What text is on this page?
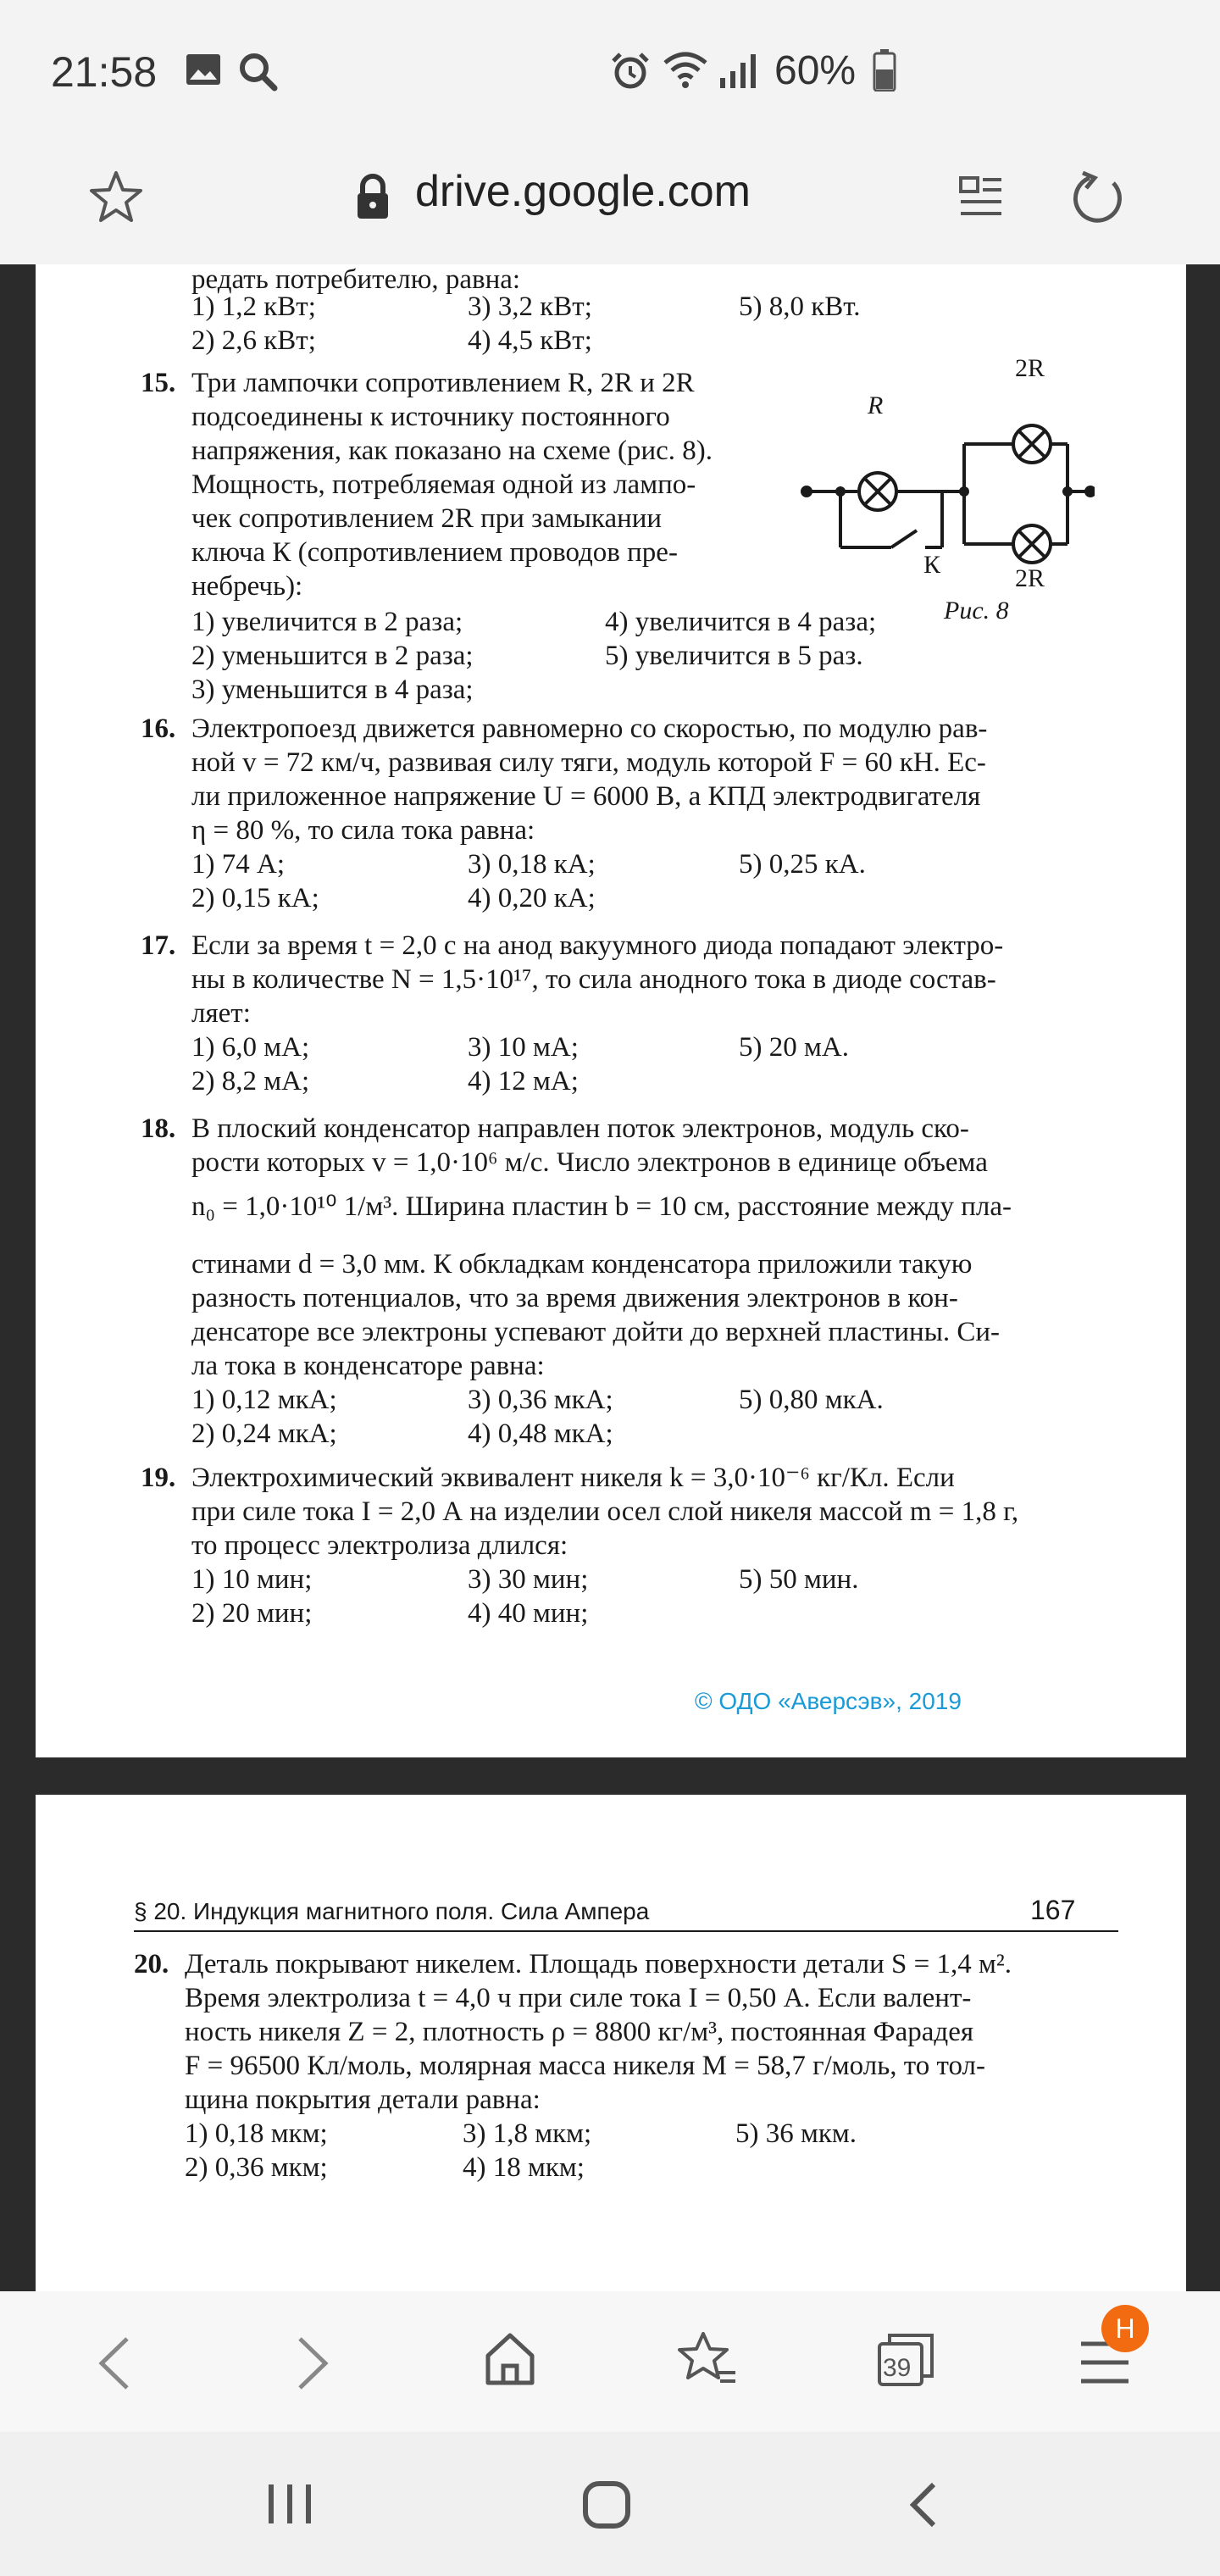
21:58	60%
drive.google.com
редать потребителю, равна:
1) 1,2 кВт;
2) 2,6 кВт;
3) 3,2 кВт;
4) 4,5 кВт;
5) 8,0 кВт.
15. Три лампочки сопротивлением R, 2R и 2R
подсоединены к источнику постоянного
напряжения, как показано на схеме (рис. 8).
Мощность, потребляемая одной из лампо-
чек сопротивлением 2R при замыкании
ключа К (сопротивлением проводов пре-
небречь):
R
2R
2R
К
Рис. 8
1) увеличится в 2 раза;
2) уменьшится в 2 раза;
3) уменьшится в 4 раза;
4) увеличится в 4 раза;
5) увеличится в 5 раз.
16. Электропоезд движется равномерно со скоростью, по модулю рав-
ной v = 72 км/ч, развивая силу тяги, модуль которой F = 60 кН. Ес-
ли приложенное напряжение U = 6000 В, а КПД электродвигателя
η = 80 %, то сила тока равна:
1) 74 А;
2) 0,15 кА;
3) 0,18 кА;
4) 0,20 кА;
5) 0,25 кА.
17. Если за время t = 2,0 с на анод вакуумного диода попадают электро-
ны в количестве N = 1,5·10¹⁷, то сила анодного тока в диоде состав-
ляет:
1) 6,0 мА;
2) 8,2 мА;
3) 10 мА;
4) 12 мА;
5) 20 мА.
18. В плоский конденсатор направлен поток электронов, модуль ско-
рости которых v = 1,0·10⁶ м/с. Число электронов в единице объема
n₀ = 1,0·10¹⁰ 1/м³. Ширина пластин b = 10 см, расстояние между пла-
стинами d = 3,0 мм. К обкладкам конденсатора приложили такую
разность потенциалов, что за время движения электронов в кон-
денсаторе все электроны успевают дойти до верхней пластины. Си-
ла тока в конденсаторе равна:
1) 0,12 мкА;
2) 0,24 мкА;
3) 0,36 мкА;
4) 0,48 мкА;
5) 0,80 мкА.
19. Электрохимический эквивалент никеля k = 3,0·10⁻⁶ кг/Кл. Если
при силе тока I = 2,0 А на изделии осел слой никеля массой m = 1,8 г,
то процесс электролиза длился:
1) 10 мин;
2) 20 мин;
3) 30 мин;
4) 40 мин;
5) 50 мин.
© ОДО «Аверсэв», 2019
§ 20. Индукция магнитного поля. Сила Ампера	167
20. Деталь покрывают никелем. Площадь поверхности детали S = 1,4 м².
Время электролиза t = 4,0 ч при силе тока I = 0,50 А. Если валент-
ность никеля Z = 2, плотность ρ = 8800 кг/м³, постоянная Фарадея
F = 96500 Кл/моль, молярная масса никеля M = 58,7 г/моль, то тол-
щина покрытия детали равна:
1) 0,18 мкм;
2) 0,36 мкм;
3) 1,8 мкм;
4) 18 мкм;
5) 36 мкм.
39
H
